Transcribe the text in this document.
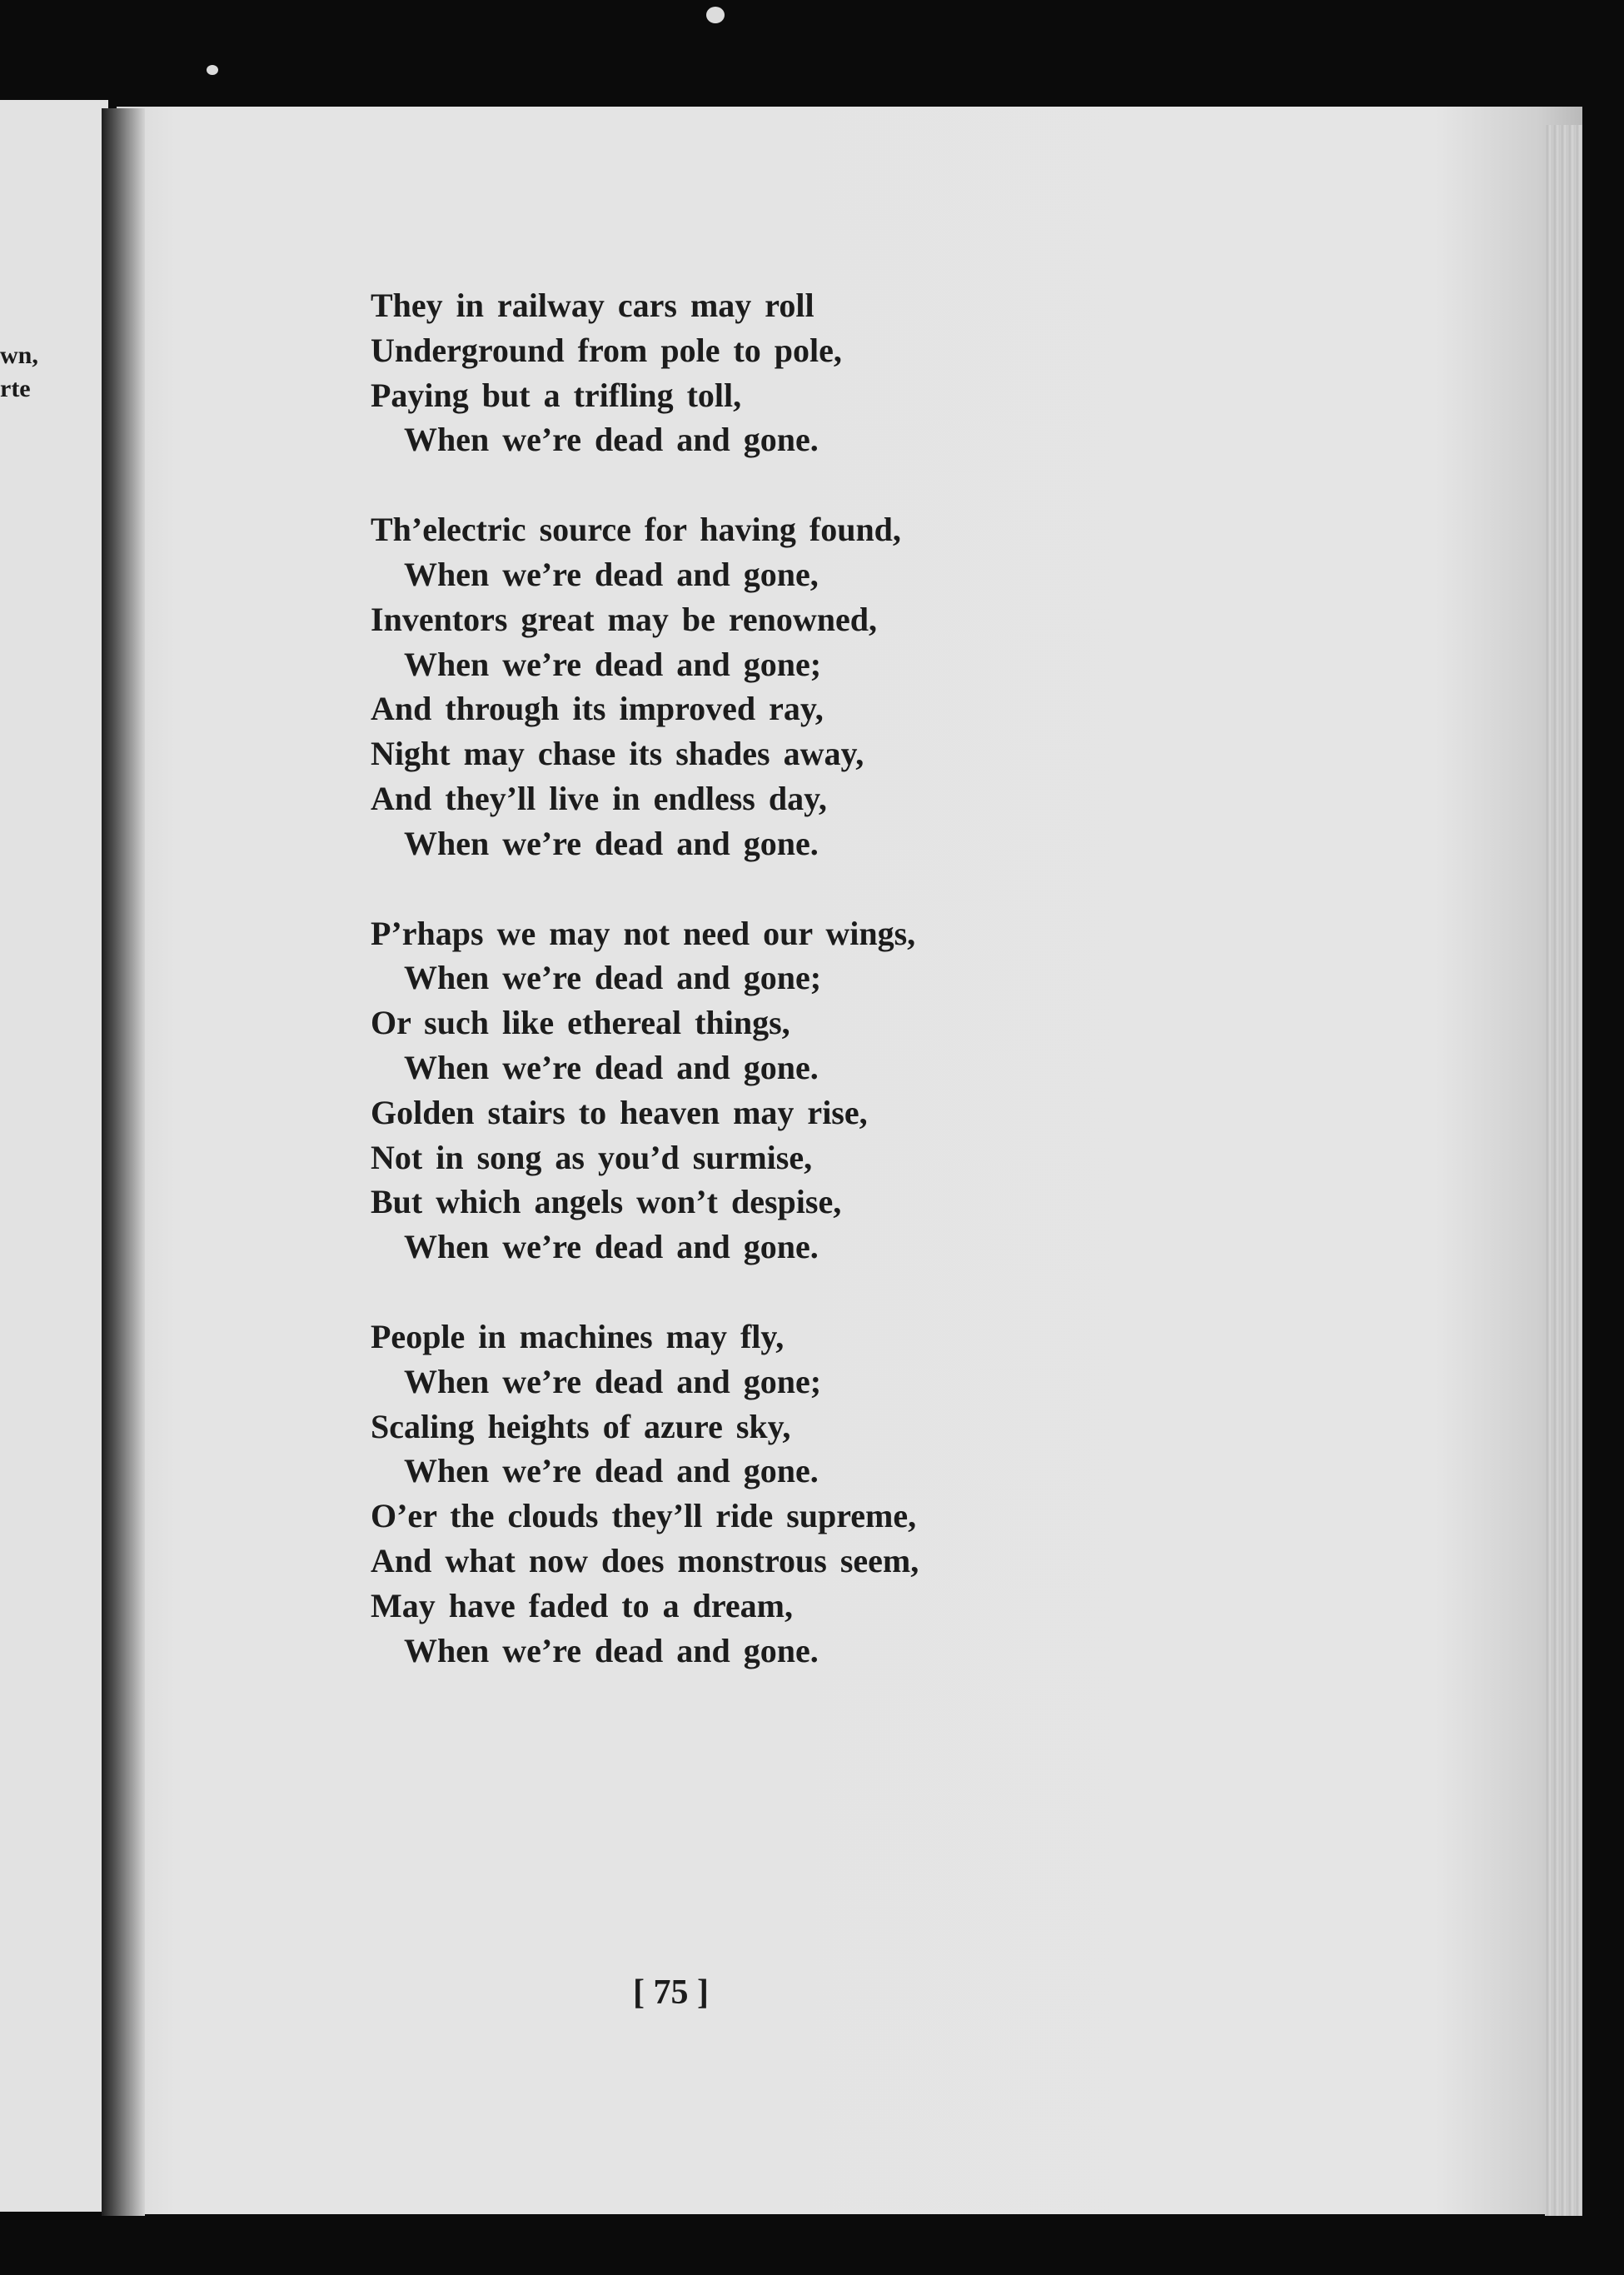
wn,
rte
They in railway cars may roll
Underground from pole to pole,
Paying but a trifling toll,
When we’re dead and gone.
Th’electric source for having found,
When we’re dead and gone,
Inventors great may be renowned,
When we’re dead and gone;
And through its improved ray,
Night may chase its shades away,
And they’ll live in endless day,
When we’re dead and gone.
P’rhaps we may not need our wings,
When we’re dead and gone;
Or such like ethereal things,
When we’re dead and gone.
Golden stairs to heaven may rise,
Not in song as you’d surmise,
But which angels won’t despise,
When we’re dead and gone.
People in machines may fly,
When we’re dead and gone;
Scaling heights of azure sky,
When we’re dead and gone.
O’er the clouds they’ll ride supreme,
And what now does monstrous seem,
May have faded to a dream,
When we’re dead and gone.
[ 75 ]
